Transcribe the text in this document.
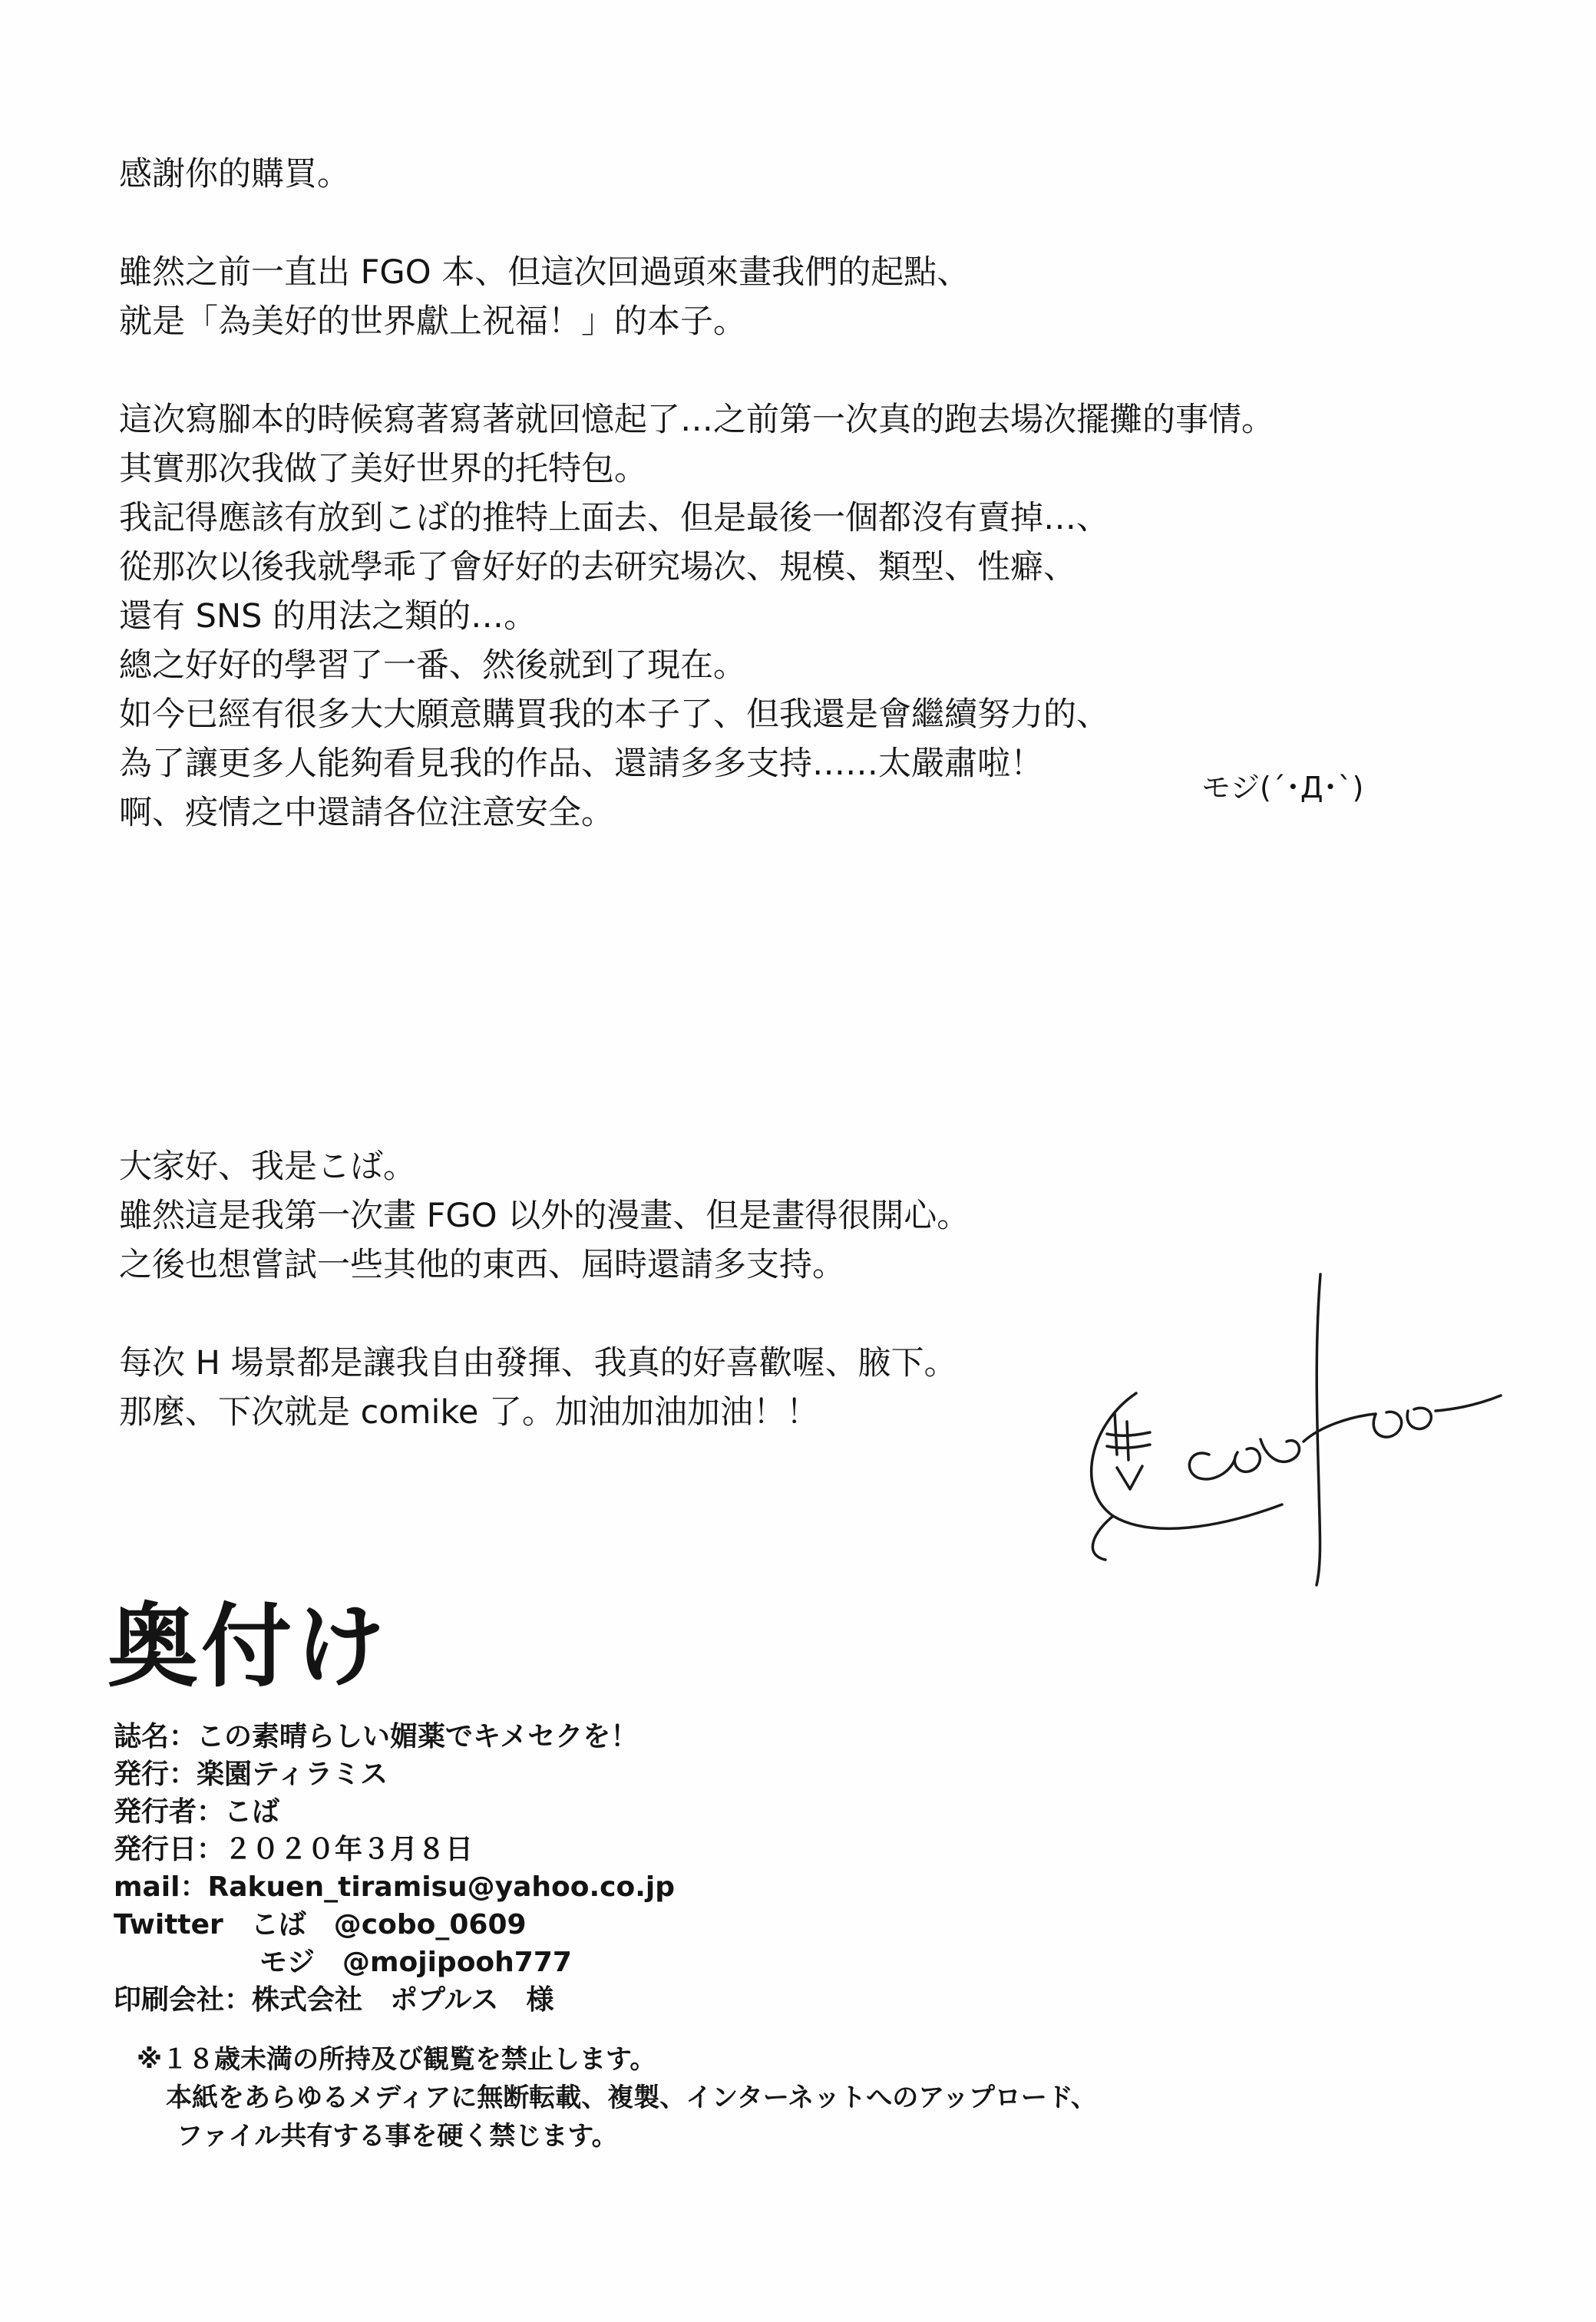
感謝你的購買。

雖然之前一直出 FGO 本、但這次回過頭來畫我們的起點、
就是「為美好的世界獻上祝福！」的本子。

這次寫腳本的時候寫著寫著就回憶起了…之前第一次真的跑去場次擺攤的事情。
其實那次我做了美好世界的托特包。
我記得應該有放到こば的推特上面去、但是最後一個都沒有賣掉…、
從那次以後我就學乖了會好好的去研究場次、規模、類型、性癖、
還有 SNS 的用法之類的…。
總之好好的學習了一番、然後就到了現在。
如今已經有很多大大願意購買我的本子了、但我還是會繼續努力的、
為了讓更多人能夠看見我的作品、還請多多支持……太嚴肅啦！
啊、疫情之中還請各位注意安全。

モジ(´･Д･`)

大家好、我是こば。
雖然這是我第一次畫 FGO 以外的漫畫、但是畫得很開心。
之後也想嘗試一些其他的東西、屆時還請多支持。

每次 H 場景都是讓我自由發揮、我真的好喜歡喔、腋下。
那麼、下次就是 comike 了。加油加油加油！！

奥付け
誌名：この素晴らしい媚薬でキメセクを！
発行：楽園ティラミス
発行者：こば
発行日：２０２０年３月８日
mail：Rakuen_tiramisu@yahoo.co.jp
Twitter　こば　@cobo_0609
モジ　@mojipooh777
印刷会社：株式会社　ポプルス　様
※１８歳未満の所持及び観覧を禁止します。
本紙をあらゆるメディアに無断転載、複製、インターネットへのアップロード、
ファイル共有する事を硬く禁じます。
